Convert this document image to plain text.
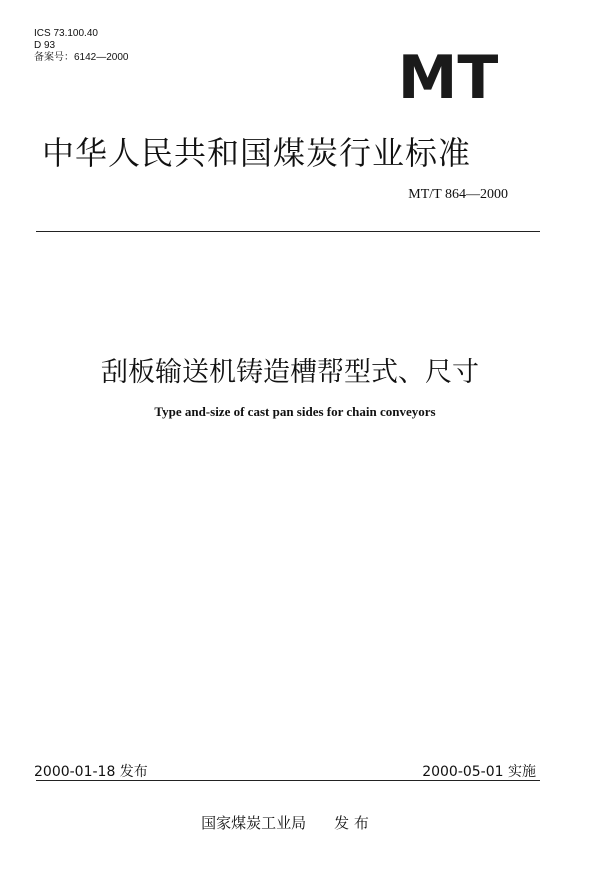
ICS 73.100.40
D 93
备案号：6142—2000	MT
中华人民共和国煤炭行业标准
MT/T 864—2000
刮板输送机铸造槽帮型式、尺寸
Type and-size of cast pan sides for chain conveyors
2000-01-18 发布	2000-05-01 实施
国家煤炭工业局 发 布
